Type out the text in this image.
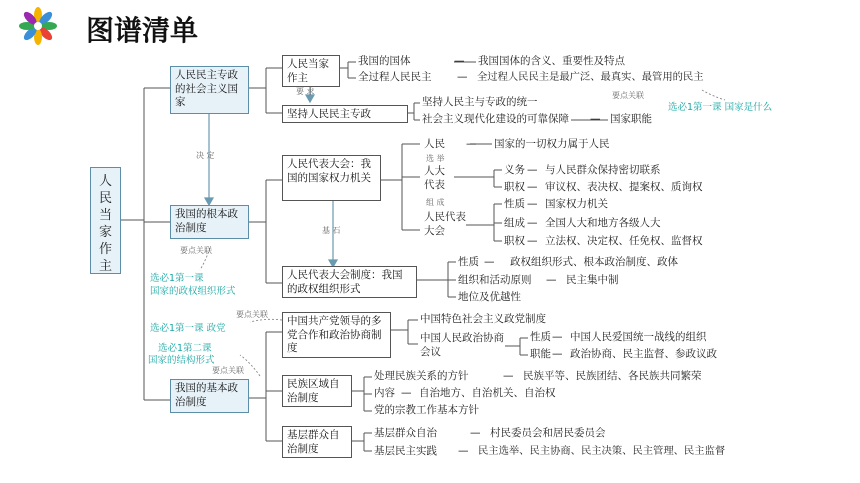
图谱清单
人民当家作主
人民民主专政的社会主义国家
我国的根本政治制度
我国的基本政治制度
决 定
基 石
要 求
人民当家作主
我国的国体	我国国体的含义、重要性及特点
全过程人民民主	全过程人民民主是最广泛、最真实、最管用的民主
坚持人民民主专政
坚持人民主与专政的统一
社会主义现代化建设的可靠保障	国家职能
要点关联
选必1第一课 国家是什么
人民代表大会：我国的国家权力机关
人民	国家的一切权力属于人民
选 举
人大代表
义务 与人民群众保持密切联系
职权 审议权、表决权、提案权、质询权
组 成
人民代表大会
性质 国家权力机关
组成 全国人大和地方各级人大
职权 立法权、决定权、任免权、监督权
人民代表大会制度：我国的政权组织形式
性质	政权组织形式、根本政治制度、政体
组织和活动原则	民主集中制
地位及优越性
要点关联
选必1第一课
国家的政权组织形式
要点关联
选必1第一课 政党
选必1第二课
国家的结构形式
要点关联
中国共产党领导的多党合作和政治协商制度
中国特色社会主义政党制度
中国人民政治协商会议
性质 中国人民爱国统一战线的组织
职能 政治协商、民主监督、参政议政
民族区域自治制度
处理民族关系的方针	民族平等、民族团结、各民族共同繁荣
内容 自治地方、自治机关、自治权
党的宗教工作基本方针
基层群众自治制度
基层群众自治	村民委员会和居民委员会
基层民主实践	民主选举、民主协商、民主决策、民主管理、民主监督
—
—
—
—
—
—
—
—
—
—
—
—
—
—
—
—
—
